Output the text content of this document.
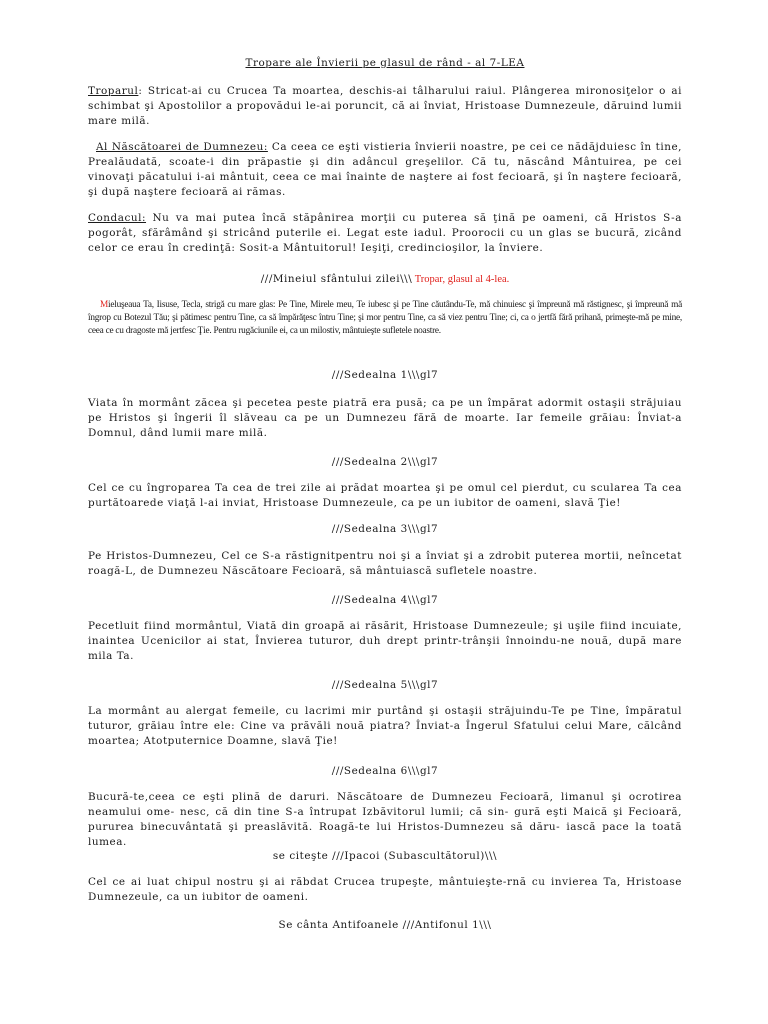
Tropare ale Învierii pe glasul de rând - al 7-LEA
Troparul: Stricat-ai cu Crucea Ta moartea, deschis-ai tâlharului raiul. Plângerea mironosiţelor o ai schimbat şi Apostolilor a propovădui le-ai poruncit, că ai înviat, Hristoase Dumnezeule, dăruind lumii mare milă.
Al Născătoarei de Dumnezeu: Ca ceea ce eşti vistieria învierii noastre, pe cei ce nădăjduiesc în tine, Prealăudată, scoate-i din prăpastie şi din adâncul greşelilor. Că tu, născând Mântuirea, pe cei vinovaţi păcatului i-ai mântuit, ceea ce mai înainte de naştere ai fost fecioară, şi în naştere fecioară, şi după naştere fecioară ai rămas.
Condacul: Nu va mai putea încă stăpânirea morţii cu puterea să ţină pe oameni, că Hristos S-a pogorât, sfărâmând şi stricând puterile ei. Legat este iadul. Proorocii cu un glas se bucură, zicând celor ce erau în credinţă: Sosit-a Mântuitorul! Ieşiţi, credincioşilor, la înviere.
///Mineiul sfântului zilei\\\ Tropar, glasul al 4-lea.
Mieluşeaua Ta, Iisuse, Tecla, strigă cu mare glas: Pe Tine, Mirele meu, Te iubesc şi pe Tine căutându-Te, mă chinuiesc şi împreună mă răstignesc, şi împreună mă îngrop cu Botezul Tău; şi pătimesc pentru Tine, ca să împărăţesc întru Tine; şi mor pentru Tine, ca să viez pentru Tine; ci, ca o jertfă fără prihană, primeşte-mă pe mine, ceea ce cu dragoste mă jertfesc Ţie. Pentru rugăciunile ei, ca un milostiv, mântuieşte sufletele noastre.
///Sedealna 1\\\gl7
Viata în mormânt zăcea şi pecetea peste piatră era pusă; ca pe un împărat adormit ostaşii străjuiau pe Hristos şi îngerii îl slăveau ca pe un Dumnezeu fără de moarte. Iar femeile grăiau: Înviat-a Domnul, dând lumii mare milă.
///Sedealna 2\\\gl7
Cel ce cu îngroparea Ta cea de trei zile ai prădat moartea şi pe omul cel pierdut, cu scularea Ta cea purtătoarede viaţă l-ai inviat, Hristoase Dumnezeule, ca pe un iubitor de oameni, slavă Ţie!
///Sedealna 3\\\gl7
Pe Hristos-Dumnezeu, Cel ce S-a răstignitpentru noi şi a înviat şi a zdrobit puterea mortii, neîncetat roagă-L, de Dumnezeu Născătoare Fecioară, să mântuiască sufletele noastre.
///Sedealna 4\\\gl7
Pecetluit fiind mormântul, Viată din groapă ai răsărit, Hristoase Dumnezeule; şi uşile fiind incuiate, inaintea Ucenicilor ai stat, Învierea tuturor, duh drept printr-trânşii înnoindu-ne nouă, după mare mila Ta.
///Sedealna 5\\\gl7
La mormânt au alergat femeile, cu lacrimi mir purtând şi ostaşii străjuindu-Te pe Tine, împăratul tuturor, grăiau între ele: Cine va prăvăli nouă piatra? Înviat-a Îngerul Sfatului celui Mare, călcând moartea; Atotputernice Doamne, slavă Ţie!
///Sedealna 6\\\gl7
Bucură-te,ceea ce eşti plină de daruri. Născătoare de Dumnezeu Fecioară, limanul şi ocrotirea neamului ome- nesc, că din tine S-a întrupat Izbăvitorul lumii; că sin- gură eşti Maică şi Fecioară, pururea binecuvântată şi preaslăvită. Roagă-te lui Hristos-Dumnezeu să dăru- iască pace la toată lumea.
se citeşte ///Ipacoi (Subascultătorul)\\\
Cel ce ai luat chipul nostru şi ai răbdat Crucea trupeşte, mântuieşte-rnă cu invierea Ta, Hristoase Dumnezeule, ca un iubitor de oameni.
Se cânta Antifoanele ///Antifonul 1\\\
